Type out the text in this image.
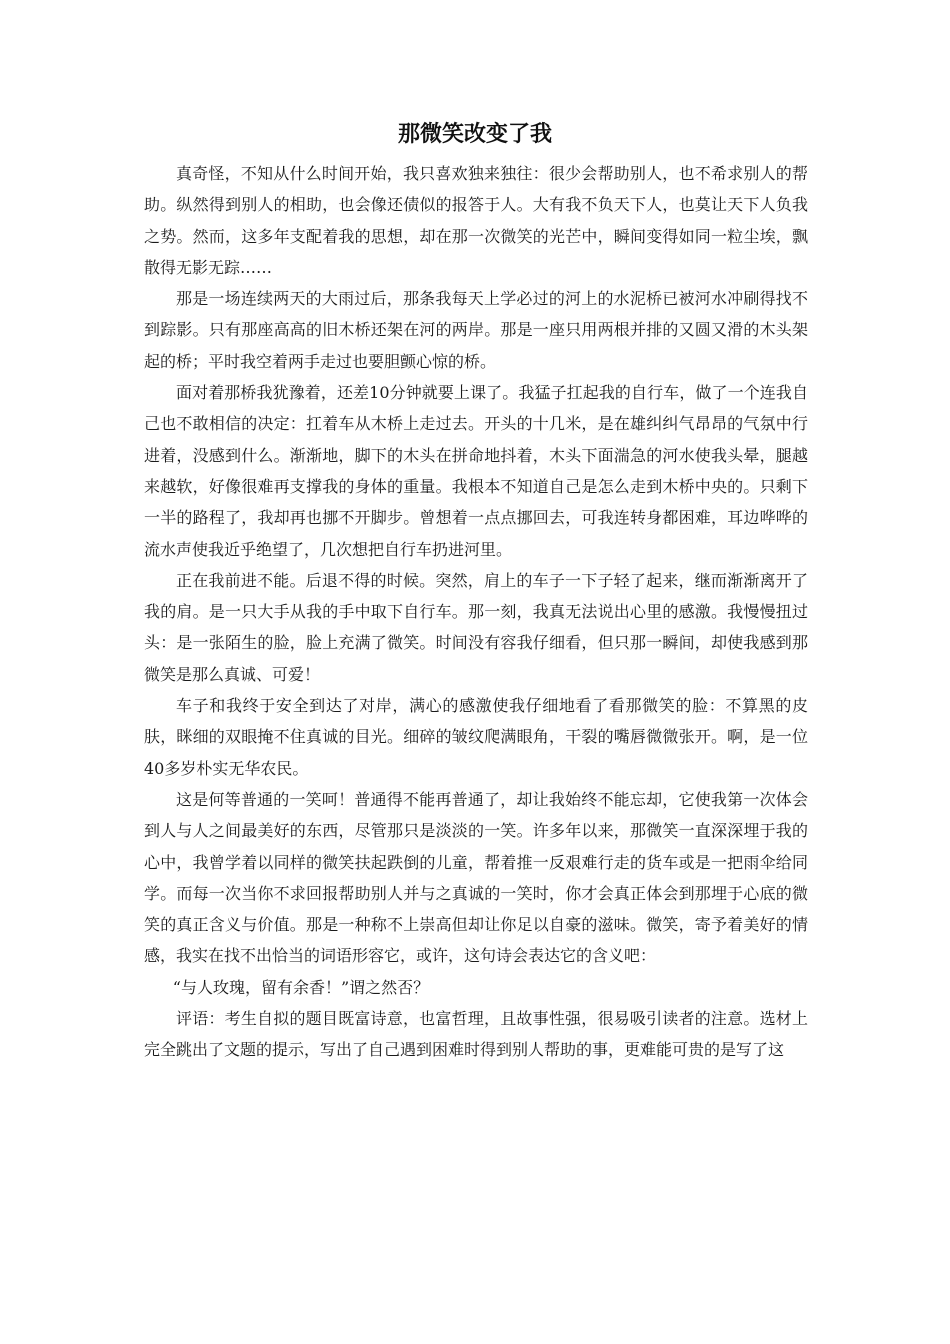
那微笑改变了我

真奇怪，不知从什么时间开始，我只喜欢独来独往：很少会帮助别人，也不希求别人的帮助。纵然得到别人的相助，也会像还债似的报答于人。大有我不负天下人，也莫让天下人负我之势。然而，这多年支配着我的思想，却在那一次微笑的光芒中，瞬间变得如同一粒尘埃，飘散得无影无踪……

那是一场连续两天的大雨过后，那条我每天上学必过的河上的水泥桥已被河水冲刷得找不到踪影。只有那座高高的旧木桥还架在河的两岸。那是一座只用两根并排的又圆又滑的木头架起的桥；平时我空着两手走过也要胆颤心惊的桥。

面对着那桥我犹豫着，还差10分钟就要上课了。我猛子扛起我的自行车，做了一个连我自己也不敢相信的决定：扛着车从木桥上走过去。开头的十几米，是在雄纠纠气昂昂的气氛中行进着，没感到什么。渐渐地，脚下的木头在拼命地抖着，木头下面湍急的河水使我头晕，腿越来越软，好像很难再支撑我的身体的重量。我根本不知道自己是怎么走到木桥中央的。只剩下一半的路程了，我却再也挪不开脚步。曾想着一点点挪回去，可我连转身都困难，耳边哗哗的流水声使我近乎绝望了，几次想把自行车扔进河里。

正在我前进不能。后退不得的时候。突然，肩上的车子一下子轻了起来，继而渐渐离开了我的肩。是一只大手从我的手中取下自行车。那一刻，我真无法说出心里的感激。我慢慢扭过头：是一张陌生的脸，脸上充满了微笑。时间没有容我仔细看，但只那一瞬间，却使我感到那微笑是那么真诚、可爱！

车子和我终于安全到达了对岸，满心的感激使我仔细地看了看那微笑的脸：不算黑的皮肤，眯细的双眼掩不住真诚的目光。细碎的皱纹爬满眼角，干裂的嘴唇微微张开。啊，是一位40多岁朴实无华农民。

这是何等普通的一笑呵！普通得不能再普通了，却让我始终不能忘却，它使我第一次体会到人与人之间最美好的东西，尽管那只是淡淡的一笑。许多年以来，那微笑一直深深埋于我的心中，我曾学着以同样的微笑扶起跌倒的儿童，帮着推一反艰难行走的货车或是一把雨伞给同学。而每一次当你不求回报帮助别人并与之真诚的一笑时，你才会真正体会到那埋于心底的微笑的真正含义与价值。那是一种称不上崇高但却让你足以自豪的滋味。微笑，寄予着美好的情感，我实在找不出恰当的词语形容它，或许，这句诗会表达它的含义吧：

“与人玫瑰，留有余香！”谓之然否？

评语：考生自拟的题目既富诗意，也富哲理，且故事性强，很易吸引读者的注意。选材上完全跳出了文题的提示，写出了自己遇到困难时得到别人帮助的事，更难能可贵的是写了这
